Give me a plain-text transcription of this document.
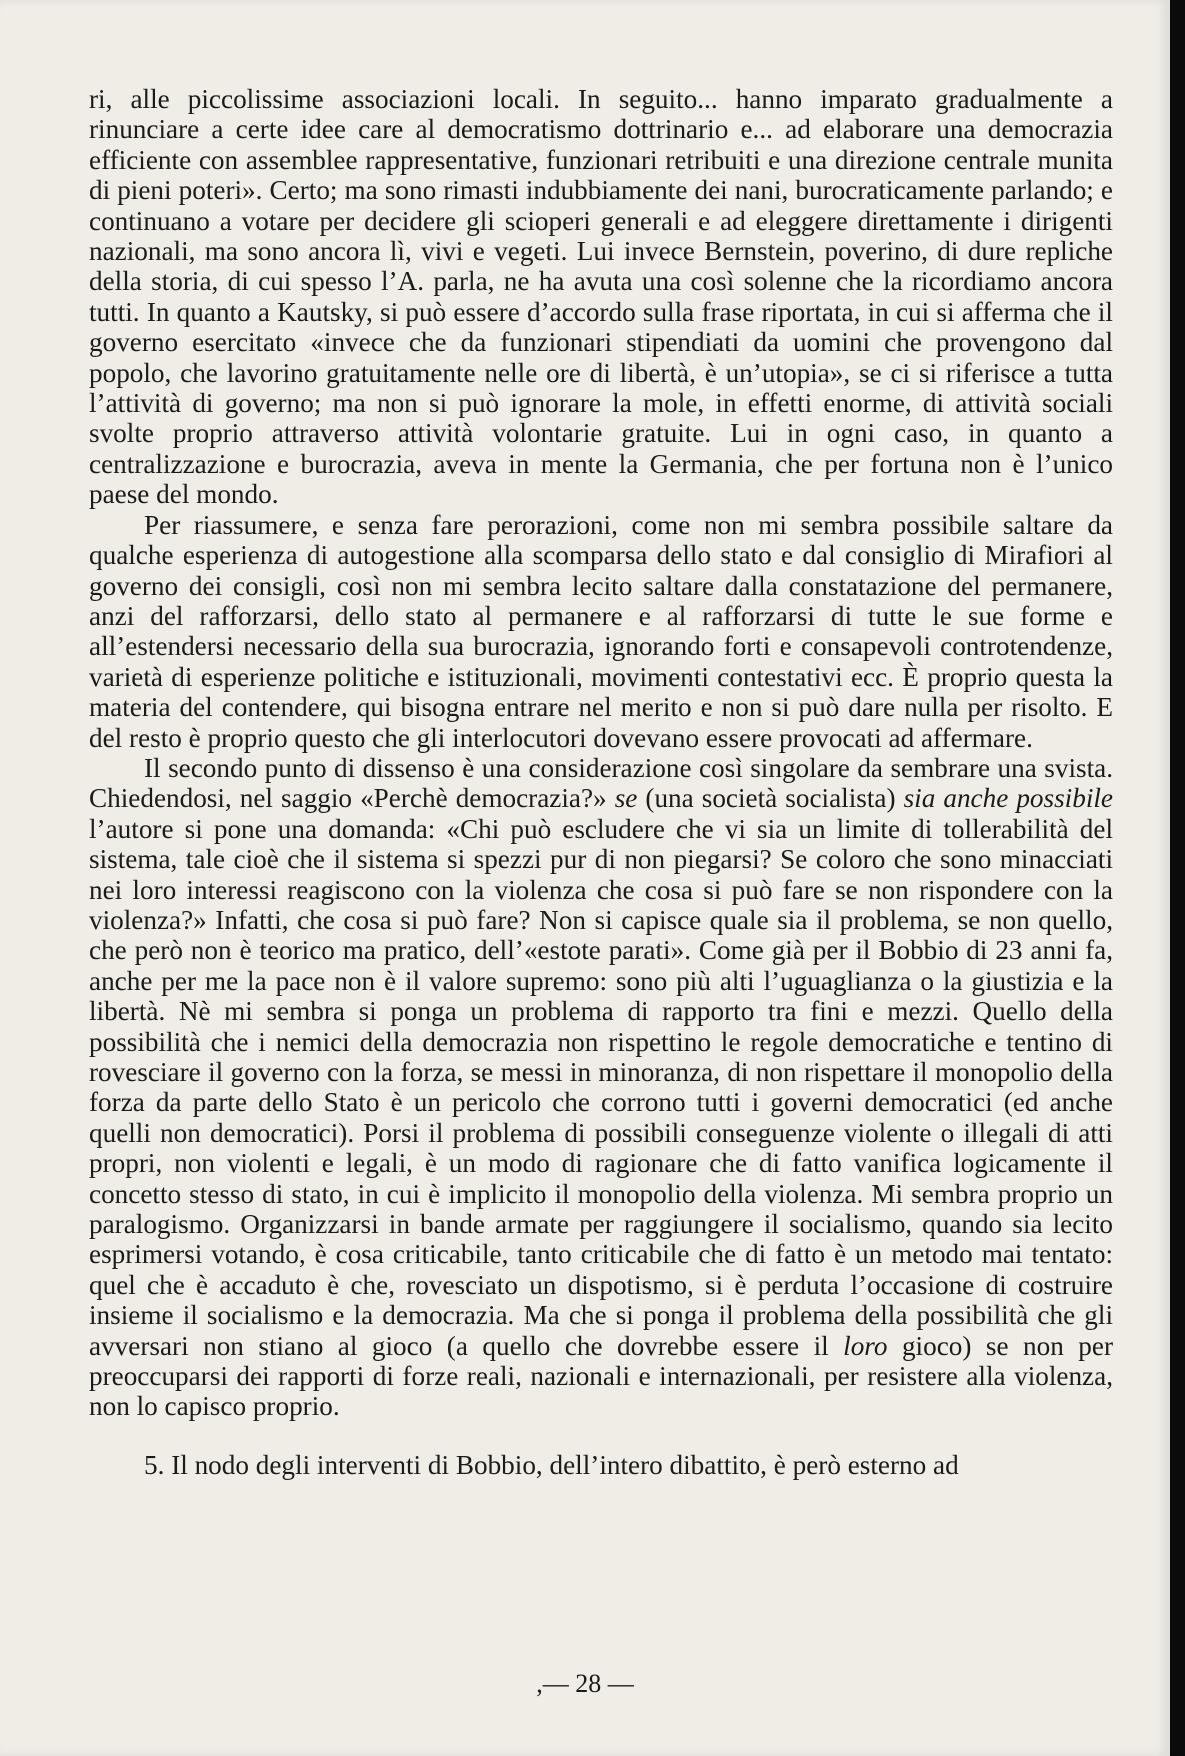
ri, alle piccolissime associazioni locali. In seguito... hanno imparato gradualmente a rinunciare a certe idee care al democratismo dottrinario e... ad elaborare una democrazia efficiente con assemblee rappresentative, funzionari retribuiti e una direzione centrale munita di pieni poteri». Certo; ma sono rimasti indubbiamente dei nani, burocraticamente parlando; e continuano a votare per decidere gli scioperi generali e ad eleggere direttamente i dirigenti nazionali, ma sono ancora lì, vivi e vegeti. Lui invece Bernstein, poverino, di dure repliche della storia, di cui spesso l’A. parla, ne ha avuta una così solenne che la ricordiamo ancora tutti. In quanto a Kautsky, si può essere d’accordo sulla frase riportata, in cui si afferma che il governo esercitato «invece che da funzionari stipendiati da uomini che provengono dal popolo, che lavorino gratuitamente nelle ore di libertà, è un’utopia», se ci si riferisce a tutta l’attività di governo; ma non si può ignorare la mole, in effetti enorme, di attività sociali svolte proprio attraverso attività volontarie gratuite. Lui in ogni caso, in quanto a centralizzazione e burocrazia, aveva in mente la Germania, che per fortuna non è l’unico paese del mondo.

Per riassumere, e senza fare perorazioni, come non mi sembra possibile saltare da qualche esperienza di autogestione alla scomparsa dello stato e dal consiglio di Mirafiori al governo dei consigli, così non mi sembra lecito saltare dalla constatazione del permanere, anzi del rafforzarsi, dello stato al permanere e al rafforzarsi di tutte le sue forme e all’estendersi necessario della sua burocrazia, ignorando forti e consapevoli controtendenze, varietà di esperienze politiche e istituzionali, movimenti contestativi ecc. È proprio questa la materia del contendere, qui bisogna entrare nel merito e non si può dare nulla per risolto. E del resto è proprio questo che gli interlocutori dovevano essere provocati ad affermare.

Il secondo punto di dissenso è una considerazione così singolare da sembrare una svista. Chiedendosi, nel saggio «Perchè democrazia?» se (una società socialista) sia anche possibile l’autore si pone una domanda: «Chi può escludere che vi sia un limite di tollerabilità del sistema, tale cioè che il sistema si spezzi pur di non piegarsi? Se coloro che sono minacciati nei loro interessi reagiscono con la violenza che cosa si può fare se non rispondere con la violenza?» Infatti, che cosa si può fare? Non si capisce quale sia il problema, se non quello, che però non è teorico ma pratico, dell’«estote parati». Come già per il Bobbio di 23 anni fa, anche per me la pace non è il valore supremo: sono più alti l’uguaglianza o la giustizia e la libertà. Nè mi sembra si ponga un problema di rapporto tra fini e mezzi. Quello della possibilità che i nemici della democrazia non rispettino le regole democratiche e tentino di rovesciare il governo con la forza, se messi in minoranza, di non rispettare il monopolio della forza da parte dello Stato è un pericolo che corrono tutti i governi democratici (ed anche quelli non democratici). Porsi il problema di possibili conseguenze violente o illegali di atti propri, non violenti e legali, è un modo di ragionare che di fatto vanifica logicamente il concetto stesso di stato, in cui è implicito il monopolio della violenza. Mi sembra proprio un paralogismo. Organizzarsi in bande armate per raggiungere il socialismo, quando sia lecito esprimersi votando, è cosa criticabile, tanto criticabile che di fatto è un metodo mai tentato: quel che è accaduto è che, rovesciato un dispotismo, si è perduta l’occasione di costruire insieme il socialismo e la democrazia. Ma che si ponga il problema della possibilità che gli avversari non stiano al gioco (a quello che dovrebbe essere il loro gioco) se non per preoccuparsi dei rapporti di forze reali, nazionali e internazionali, per resistere alla violenza, non lo capisco proprio.

5. Il nodo degli interventi di Bobbio, dell’intero dibattito, è però esterno ad

,— 28 —
